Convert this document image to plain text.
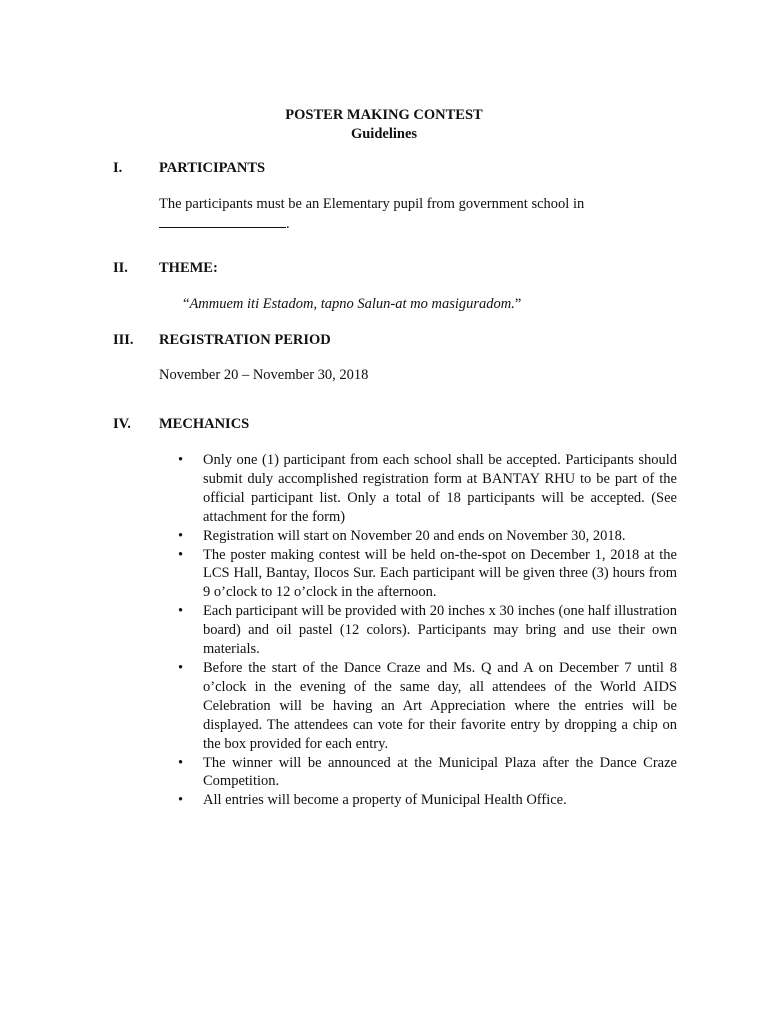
POSTER MAKING CONTEST
Guidelines
I.	PARTICIPANTS
The participants must be an Elementary pupil from government school in
.
II. THEME:
“Ammuem iti Estadom, tapno Salun-at mo masiguradom.”
III. REGISTRATION PERIOD
November 20 – November 30, 2018
IV. MECHANICS
• Only one (1) participant from each school shall be accepted. Participants should submit duly accomplished registration form at BANTAY RHU to be part of the official participant list. Only a total of 18 participants will be accepted. (See attachment for the form)
• Registration will start on November 20 and ends on November 30, 2018.
• The poster making contest will be held on-the-spot on December 1, 2018 at the LCS Hall, Bantay, Ilocos Sur. Each participant will be given three (3) hours from 9 o’clock to 12 o’clock in the afternoon.
• Each participant will be provided with 20 inches x 30 inches (one half illustration board) and oil pastel (12 colors). Participants may bring and use their own materials.
• Before the start of the Dance Craze and Ms. Q and A on December 7 until 8 o’clock in the evening of the same day, all attendees of the World AIDS Celebration will be having an Art Appreciation where the entries will be displayed. The attendees can vote for their favorite entry by dropping a chip on the box provided for each entry.
• The winner will be announced at the Municipal Plaza after the Dance Craze Competition.
• All entries will become a property of Municipal Health Office.
